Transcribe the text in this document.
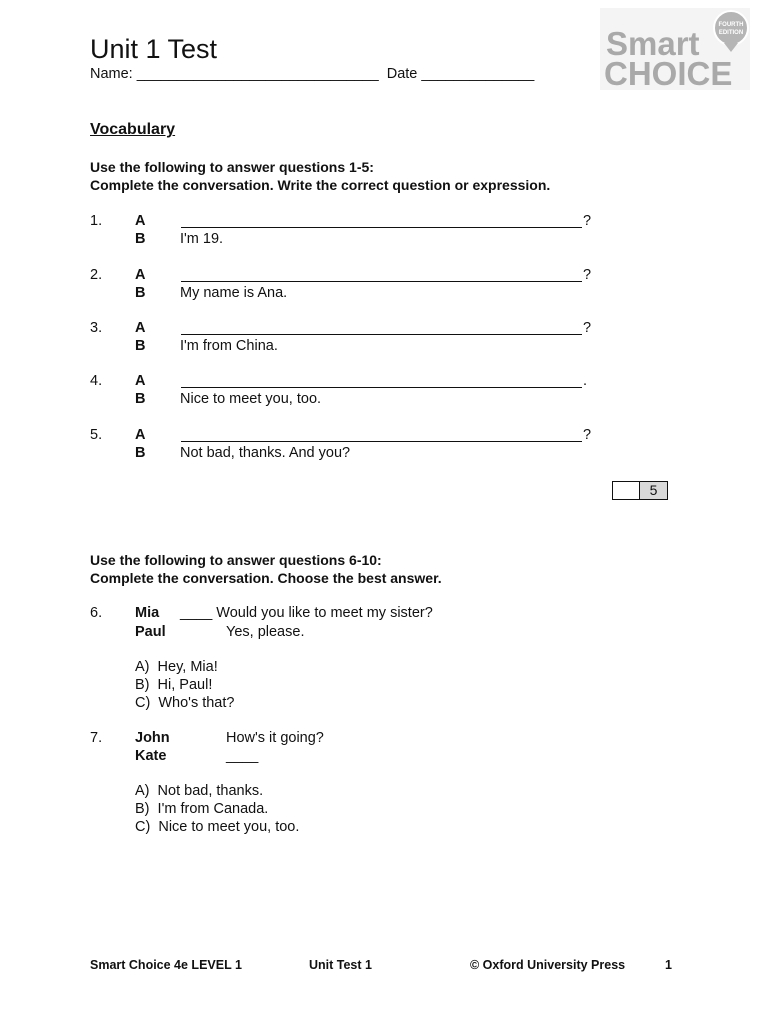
Unit 1 Test
Name: ______________________________  Date ______________
Smart
CHOICE
FOURTH
EDITION
Vocabulary
Use the following to answer questions 1-5:
Complete the conversation. Write the correct question or expression.
1. A	?
B I'm 19.
2. A	?
B My name is Ana.
3. A	?
B I'm from China.
4. A	.
B Nice to meet you, too.
5. A	?
B Not bad, thanks. And you?
5
Use the following to answer questions 6-10:
Complete the conversation. Choose the best answer.
6. Mia ____ Would you like to meet my sister?
Paul	Yes, please.
A)  Hey, Mia!
B)  Hi, Paul!
C)  Who's that?
7. John	How's it going?
Kate	____
A)  Not bad, thanks.
B)  I'm from Canada.
C)  Nice to meet you, too.
Smart Choice 4e LEVEL 1	Unit Test 1	© Oxford University Press	1
